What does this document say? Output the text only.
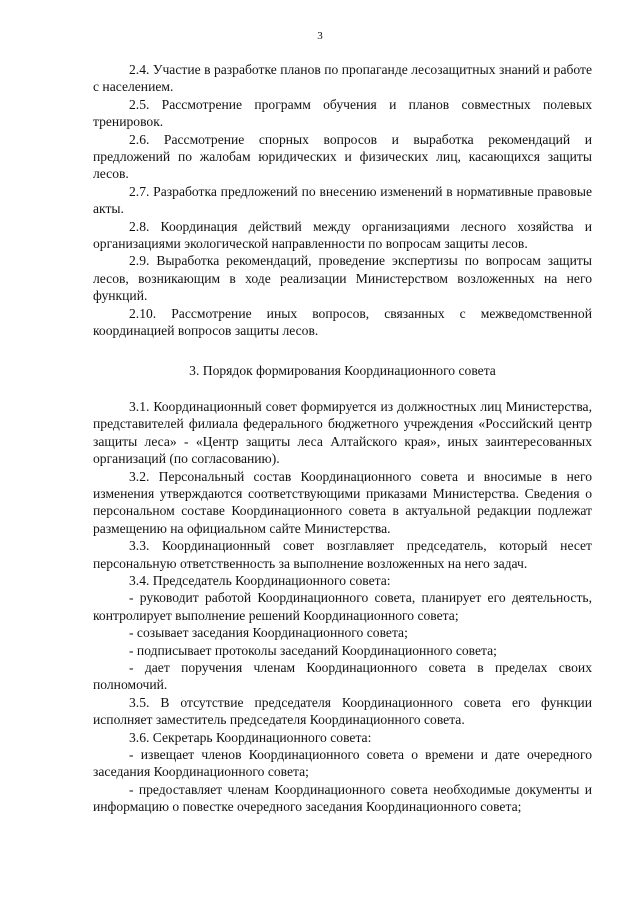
3

2.4. Участие в разработке планов по пропаганде лесозащитных знаний и работе с населением.

2.5. Рассмотрение программ обучения и планов совместных полевых тренировок.

2.6. Рассмотрение спорных вопросов и выработка рекомендаций и предложений по жалобам юридических и физических лиц, касающихся защиты лесов.

2.7. Разработка предложений по внесению изменений в нормативные правовые акты.

2.8. Координация действий между организациями лесного хозяйства и организациями экологической направленности по вопросам защиты лесов.

2.9. Выработка рекомендаций, проведение экспертизы по вопросам защиты лесов, возникающим в ходе реализации Министерством возложенных на него функций.

2.10. Рассмотрение иных вопросов, связанных с межведомственной координацией вопросов защиты лесов.

3. Порядок формирования Координационного совета

3.1. Координационный совет формируется из должностных лиц Министерства, представителей филиала федерального бюджетного учреждения «Российский центр защиты леса» - «Центр защиты леса Алтайского края», иных заинтересованных организаций (по согласованию).

3.2. Персональный состав Координационного совета и вносимые в него изменения утверждаются соответствующими приказами Министерства. Сведения о персональном составе Координационного совета в актуальной редакции подлежат размещению на официальном сайте Министерства.

3.3. Координационный совет возглавляет председатель, который несет персональную ответственность за выполнение возложенных на него задач.

3.4. Председатель Координационного совета:

- руководит работой Координационного совета, планирует его деятельность, контролирует выполнение решений Координационного совета;

- созывает заседания Координационного совета;

- подписывает протоколы заседаний Координационного совета;

- дает поручения членам Координационного совета в пределах своих полномочий.

3.5. В отсутствие председателя Координационного совета его функции исполняет заместитель председателя Координационного совета.

3.6. Секретарь Координационного совета:

- извещает членов Координационного совета о времени и дате очередного заседания Координационного совета;

- предоставляет членам Координационного совета необходимые документы и информацию о повестке очередного заседания Координационного совета;
